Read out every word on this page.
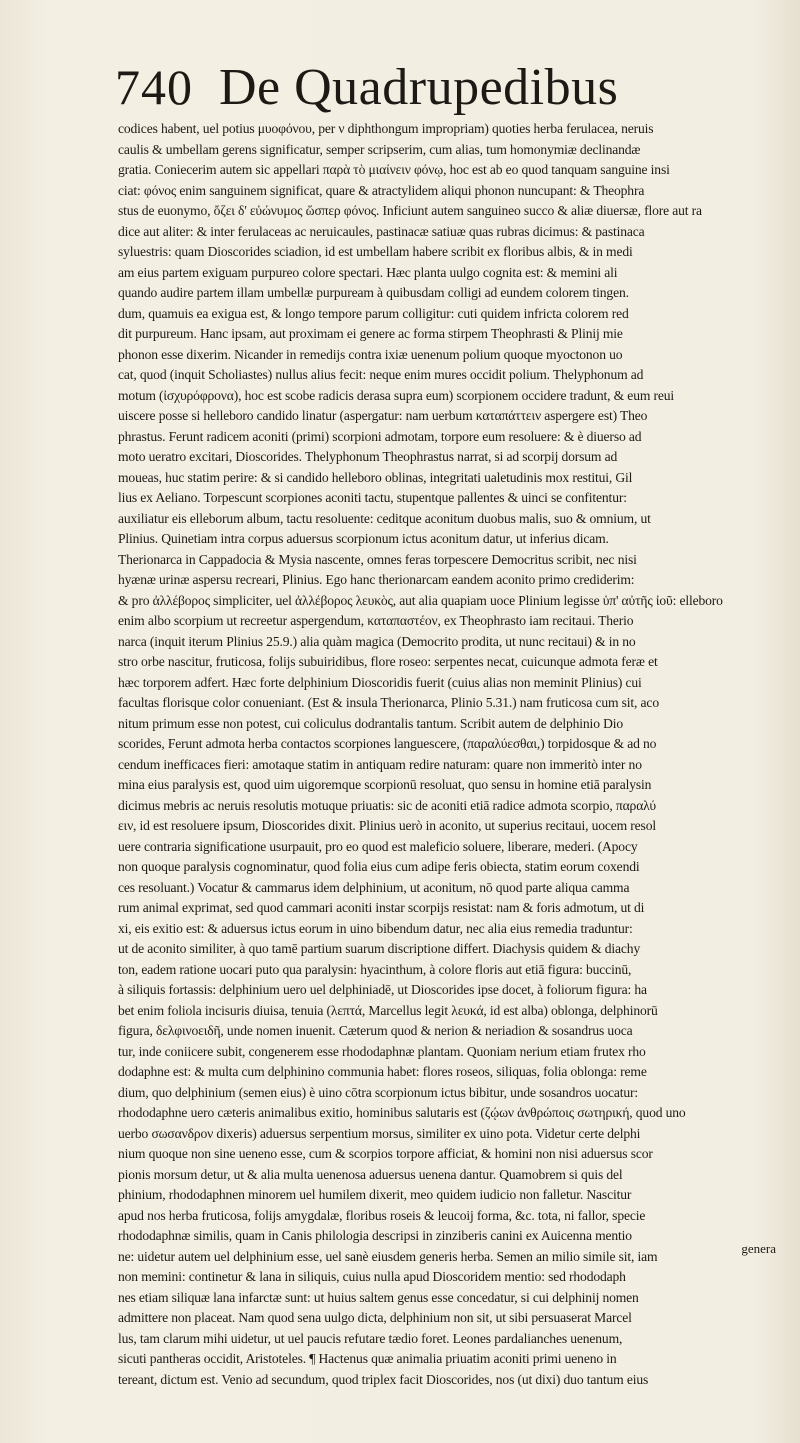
740 De Quadrupedibus
codices habent, uel potius μυοφόνου, per ν diphthongum impropriam) quoties herba ferulacea, neruis
caulis & umbellam gerens significatur, semper scripserim, cum alias, tum homonymiæ declinandæ
gratia. Coniecerim autem sic appellari παρὰ τὸ μιαίνειν φόνῳ, hoc est ab eo quod tanquam sanguine insi
ciat: φόνος enim sanguinem significat, quare & atractylidem aliqui phonon nuncupant: & Theophra
stus de euonymo, ὄζει δ' εὐώνυμος ὥσπερ φόνος. Inficiunt autem sanguineo succo & aliæ diuersæ, flore aut ra
dice aut aliter: & inter ferulaceas ac neruicaules, pastinacæ satiuæ quas rubras dicimus: & pastinaca
syluestris: quam Dioscorides sciadion, id est umbellam habere scribit ex floribus albis, & in medi
am eius partem exiguam purpureo colore spectari. Hæc planta uulgo cognita est: & memini ali
quando audire partem illam umbellæ purpuream à quibusdam colligi ad eundem colorem tingen.
dum, quamuis ea exigua est, & longo tempore parum colligitur: cuti quidem infricta colorem red
dit purpureum. Hanc ipsam, aut proximam ei genere ac forma stirpem Theophrasti & Plinij mie
phonon esse dixerim. Nicander in remedijs contra ixiæ uenenum polium quoque myoctonon uo
cat, quod (inquit Scholiastes) nullus alius fecit: neque enim mures occidit polium. Thelyphonum ad
motum (ἰσχυρόφρονα), hoc est scobe radicis derasa supra eum) scorpionem occidere tradunt, & eum reui
uiscere posse si helleboro candido linatur (aspergatur: nam uerbum καταπάττειν aspergere est) Theo
phrastus. Ferunt radicem aconiti (primi) scorpioni admotam, torpore eum resoluere: & è diuerso ad
moto ueratro excitari, Dioscorides. Thelyphonum Theophrastus narrat, si ad scorpij dorsum ad
moueas, huc statim perire: & si candido helleboro oblinas, integritati ualetudinis mox restitui, Gil
lius ex Aeliano. Torpescunt scorpiones aconiti tactu, stupentque pallentes & uinci se confitentur:
auxiliatur eis elleborum album, tactu resoluente: ceditque aconitum duobus malis, suo & omnium, ut
Plinius. Quinetiam intra corpus aduersus scorpionum ictus aconitum datur, ut inferius dicam.
Therionarca in Cappadocia & Mysia nascente, omnes feras torpescere Democritus scribit, nec nisi
hyænæ urinæ aspersu recreari, Plinius. Ego hanc therionarcam eandem aconito primo crediderim:
& pro ἀλλέβορος simpliciter, uel ἀλλέβορος λευκὸς, aut alia quapiam uoce Plinium legisse ὑπ' αὐτῆς ἰοῦ: elleboro
enim albo scorpium ut recreetur aspergendum, καταπαστέον, ex Theophrasto iam recitaui. Therio
narca (inquit iterum Plinius 25.9.) alia quàm magica (Democrito prodita, ut nunc recitaui) & in no
stro orbe nascitur, fruticosa, folijs subuiridibus, flore roseo: serpentes necat, cuicunque admota feræ et
hæc torporem adfert. Hæc forte delphinium Dioscoridis fuerit (cuius alias non meminit Plinius) cui
facultas florisque color conueniant. (Est & insula Therionarca, Plinio 5.31.) nam fruticosa cum sit, aco
nitum primum esse non potest, cui coliculus dodrantalis tantum. Scribit autem de delphinio Dio
scorides, Ferunt admota herba contactos scorpiones languescere, (παραλύεσθαι,) torpidosque & ad no
cendum inefficaces fieri: amotaque statim in antiquam redire naturam: quare non immeritò inter no
mina eius paralysis est, quod uim uigoremque scorpionū resoluat, quo sensu in homine etiā paralysin
dicimus mebris ac neruis resolutis motuque priuatis: sic de aconiti etiā radice admota scorpio, παραλύ
ειν, id est resoluere ipsum, Dioscorides dixit. Plinius uerò in aconito, ut superius recitaui, uocem resol
uere contraria significatione usurpauit, pro eo quod est maleficio soluere, liberare, mederi. (Apocy
non quoque paralysis cognominatur, quod folia eius cum adipe feris obiecta, statim eorum coxendi
ces resoluant.) Vocatur & cammarus idem delphinium, ut aconitum, nō quod parte aliqua camma
rum animal exprimat, sed quod cammari aconiti instar scorpijs resistat: nam & foris admotum, ut di
xi, eis exitio est: & aduersus ictus eorum in uino bibendum datur, nec alia eius remedia traduntur:
ut de aconito similiter, à quo tamē partium suarum discriptione differt. Diachysis quidem & diachy
ton, eadem ratione uocari puto qua paralysin: hyacinthum, à colore floris aut etiā figura: buccinū,
à siliquis fortassis: delphinium uero uel delphiniadē, ut Dioscorides ipse docet, à foliorum figura: ha
bet enim foliola incisuris diuisa, tenuia (λεπτά, Marcellus legit λευκά, id est alba) oblonga, delphinorū
figura, δελφινοειδῆ, unde nomen inuenit. Cæterum quod & nerion & neriadion & sosandrus uoca
tur, inde coniicere subit, congenerem esse rhododaphnæ plantam. Quoniam nerium etiam frutex rho
dodaphne est: & multa cum delphinino communia habet: flores roseos, siliquas, folia oblonga: reme
dium, quo delphinium (semen eius) è uino cōtra scorpionum ictus bibitur, unde sosandros uocatur:
rhododaphne uero cæteris animalibus exitio, hominibus salutaris est (ζῴων ἀνθρώποις σωτηρική, quod uno
uerbo σωσανδρον dixeris) aduersus serpentium morsus, similiter ex uino pota. Videtur certe delphi
nium quoque non sine ueneno esse, cum & scorpios torpore afficiat, & homini non nisi aduersus scor
pionis morsum detur, ut & alia multa uenenosa aduersus uenena dantur. Quamobrem si quis del
phinium, rhododaphnen minorem uel humilem dixerit, meo quidem iudicio non falletur. Nascitur
apud nos herba fruticosa, folijs amygdalæ, floribus roseis & leucoij forma, &c. tota, ni fallor, specie
rhododaphnæ similis, quam in Canis philologia descripsi in zinziberis canini ex Auicenna mentio
ne: uidetur autem uel delphinium esse, uel sanè eiusdem generis herba. Semen an milio simile sit, iam
non memini: continetur & lana in siliquis, cuius nulla apud Dioscoridem mentio: sed rhododaph
nes etiam siliquæ lana infarctæ sunt: ut huius saltem genus esse concedatur, si cui delphinij nomen
admittere non placeat. Nam quod sena uulgo dicta, delphinium non sit, ut sibi persuaserat Marcel
lus, tam clarum mihi uidetur, ut uel paucis refutare tædio foret. Leones pardalianches uenenum,
sicuti pantheras occidit, Aristoteles. ¶ Hactenus quæ animalia priuatim aconiti primi ueneno in
tereant, dictum est. Venio ad secundum, quod triplex facit Dioscorides, nos (ut dixi) duo tantum eius
genera
